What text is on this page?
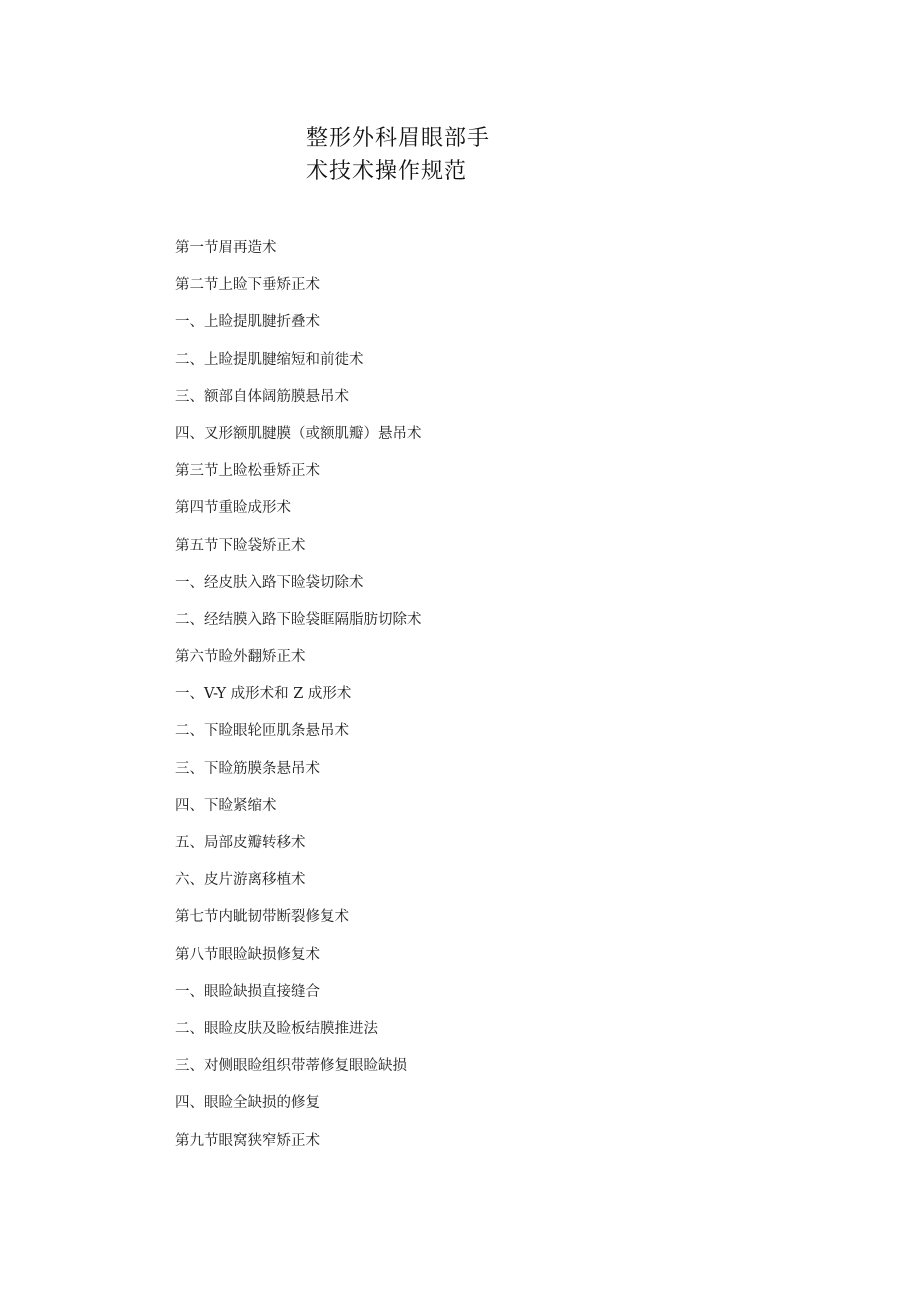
整形外科眉眼部手
术技术操作规范
第一节眉再造术
第二节上睑下垂矫正术
一、上睑提肌腱折叠术
二、上睑提肌腱缩短和前徙术
三、额部自体阔筋膜悬吊术
四、叉形额肌腱膜（或额肌瓣）悬吊术
第三节上睑松垂矫正术
第四节重睑成形术
第五节下睑袋矫正术
一、经皮肤入路下睑袋切除术
二、经结膜入路下睑袋眶隔脂肪切除术
第六节睑外翻矫正术
一、V-Y 成形术和 Z 成形术
二、下睑眼轮匝肌条悬吊术
三、下睑筋膜条悬吊术
四、下睑紧缩术
五、局部皮瓣转移术
六、皮片游离移植术
第七节内眦韧带断裂修复术
第八节眼睑缺损修复术
一、眼睑缺损直接缝合
二、眼睑皮肤及睑板结膜推进法
三、对侧眼睑组织带蒂修复眼睑缺损
四、眼睑全缺损的修复
第九节眼窝狭窄矫正术
